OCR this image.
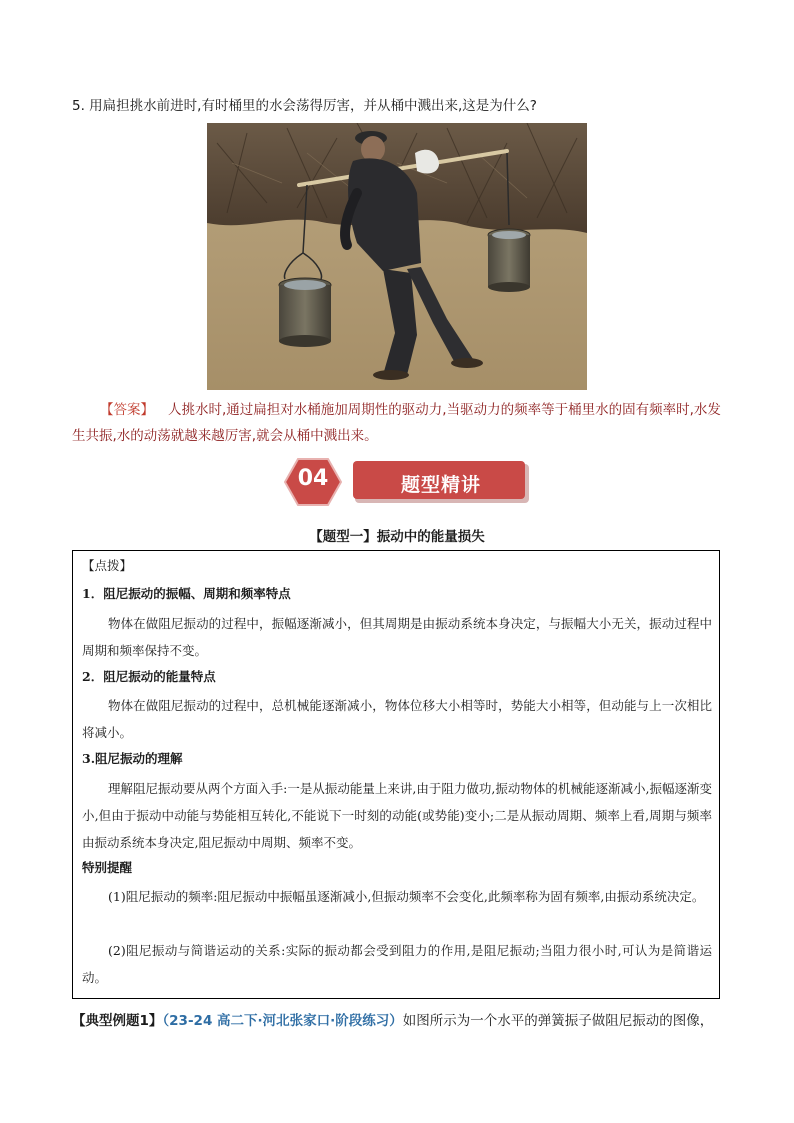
5. 用扁担挑水前进时,有时桶里的水会荡得厉害，并从桶中溅出来,这是为什么?
【答案】 人挑水时,通过扁担对水桶施加周期性的驱动力,当驱动力的频率等于桶里水的固有频率时,水发生共振,水的动荡就越来越厉害,就会从桶中溅出来。
04	题型精讲
【题型一】振动中的能量损失
【点拨】
1．阻尼振动的振幅、周期和频率特点
物体在做阻尼振动的过程中，振幅逐渐减小，但其周期是由振动系统本身决定，与振幅大小无关，振动过程中周期和频率保持不变。
2．阻尼振动的能量特点
物体在做阻尼振动的过程中，总机械能逐渐减小，物体位移大小相等时，势能大小相等，但动能与上一次相比将减小。
3.阻尼振动的理解
理解阻尼振动要从两个方面入手:一是从振动能量上来讲,由于阻力做功,振动物体的机械能逐渐减小,振幅逐渐变小,但由于振动中动能与势能相互转化,不能说下一时刻的动能(或势能)变小;二是从振动周期、频率上看,周期与频率由振动系统本身决定,阻尼振动中周期、频率不变。
特别提醒
(1)阻尼振动的频率:阻尼振动中振幅虽逐渐减小,但振动频率不会变化,此频率称为固有频率,由振动系统决定。
(2)阻尼振动与简谐运动的关系:实际的振动都会受到阻力的作用,是阻尼振动;当阻力很小时,可认为是简谐运动。
【典型例题1】（23-24 高二下·河北张家口·阶段练习）如图所示为一个水平的弹簧振子做阻尼振动的图像，
